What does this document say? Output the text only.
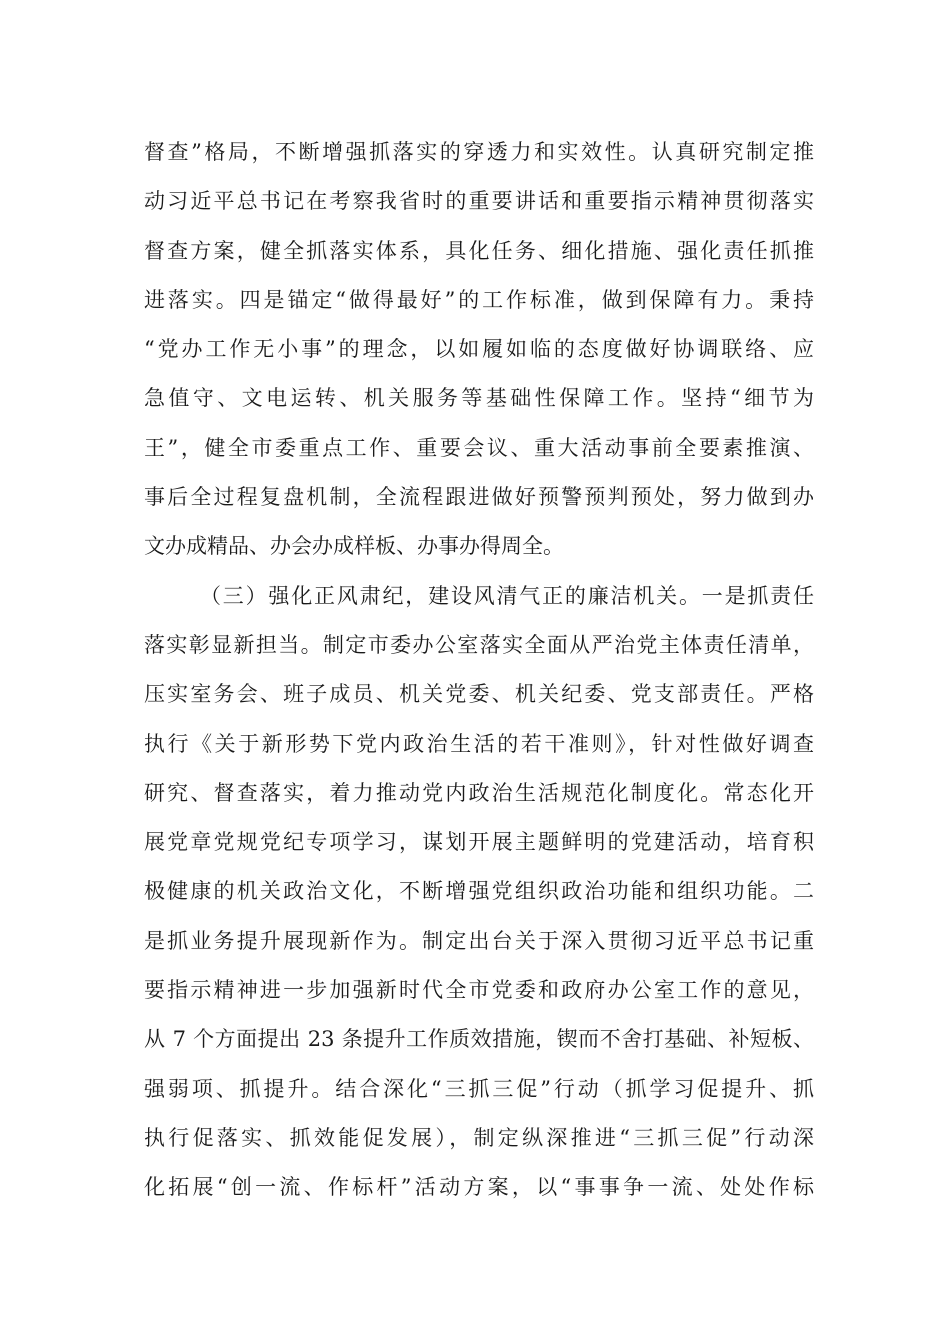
督查”格局，不断增强抓落实的穿透力和实效性。认真研究制定推
动习近平总书记在考察我省时的重要讲话和重要指示精神贯彻落实
督查方案，健全抓落实体系，具化任务、细化措施、强化责任抓推
进落实。四是锚定“做得最好”的工作标准，做到保障有力。秉持
“党办工作无小事”的理念，以如履如临的态度做好协调联络、应
急值守、文电运转、机关服务等基础性保障工作。坚持“细节为
王”，健全市委重点工作、重要会议、重大活动事前全要素推演、
事后全过程复盘机制，全流程跟进做好预警预判预处，努力做到办
文办成精品、办会办成样板、办事办得周全。
（三）强化正风肃纪，建设风清气正的廉洁机关。一是抓责任
落实彰显新担当。制定市委办公室落实全面从严治党主体责任清单，
压实室务会、班子成员、机关党委、机关纪委、党支部责任。严格
执行《关于新形势下党内政治生活的若干准则》，针对性做好调查
研究、督查落实，着力推动党内政治生活规范化制度化。常态化开
展党章党规党纪专项学习，谋划开展主题鲜明的党建活动，培育积
极健康的机关政治文化，不断增强党组织政治功能和组织功能。二
是抓业务提升展现新作为。制定出台关于深入贯彻习近平总书记重
要指示精神进一步加强新时代全市党委和政府办公室工作的意见，
从 7 个方面提出 23 条提升工作质效措施，锲而不舍打基础、补短板、
强弱项、抓提升。结合深化“三抓三促”行动（抓学习促提升、抓
执行促落实、抓效能促发展），制定纵深推进“三抓三促”行动深
化拓展“创一流、作标杆”活动方案，以“事事争一流、处处作标
